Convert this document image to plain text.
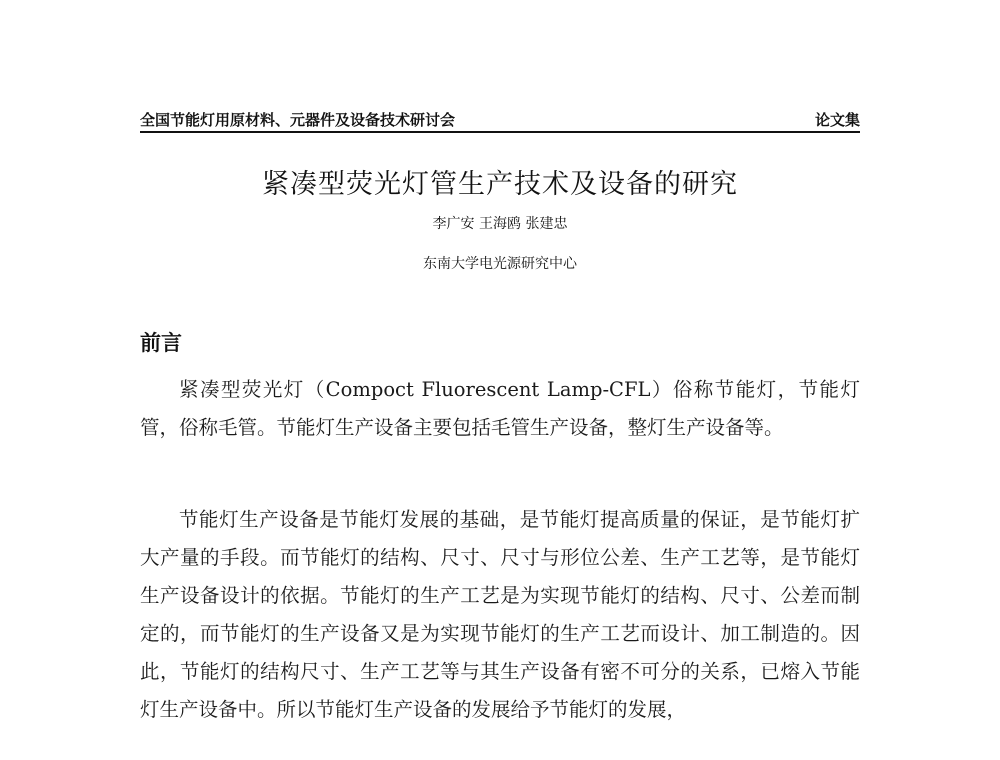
全国节能灯用原材料、元器件及设备技术研讨会	论文集
紧凑型荧光灯管生产技术及设备的研究
李广安 王海鸥 张建忠
东南大学电光源研究中心
前言

紧凑型荧光灯（Compoct Fluorescent Lamp-CFL）俗称节能灯，节能灯管，俗称毛管。节能灯生产设备主要包括毛管生产设备，整灯生产设备等。

节能灯生产设备是节能灯发展的基础，是节能灯提高质量的保证，是节能灯扩大产量的手段。而节能灯的结构、尺寸、尺寸与形位公差、生产工艺等，是节能灯生产设备设计的依据。节能灯的生产工艺是为实现节能灯的结构、尺寸、公差而制定的，而节能灯的生产设备又是为实现节能灯的生产工艺而设计、加工制造的。因此，节能灯的结构尺寸、生产工艺等与其生产设备有密不可分的关系，已熔入节能灯生产设备中。所以节能灯生产设备的发展给予节能灯的发展，
